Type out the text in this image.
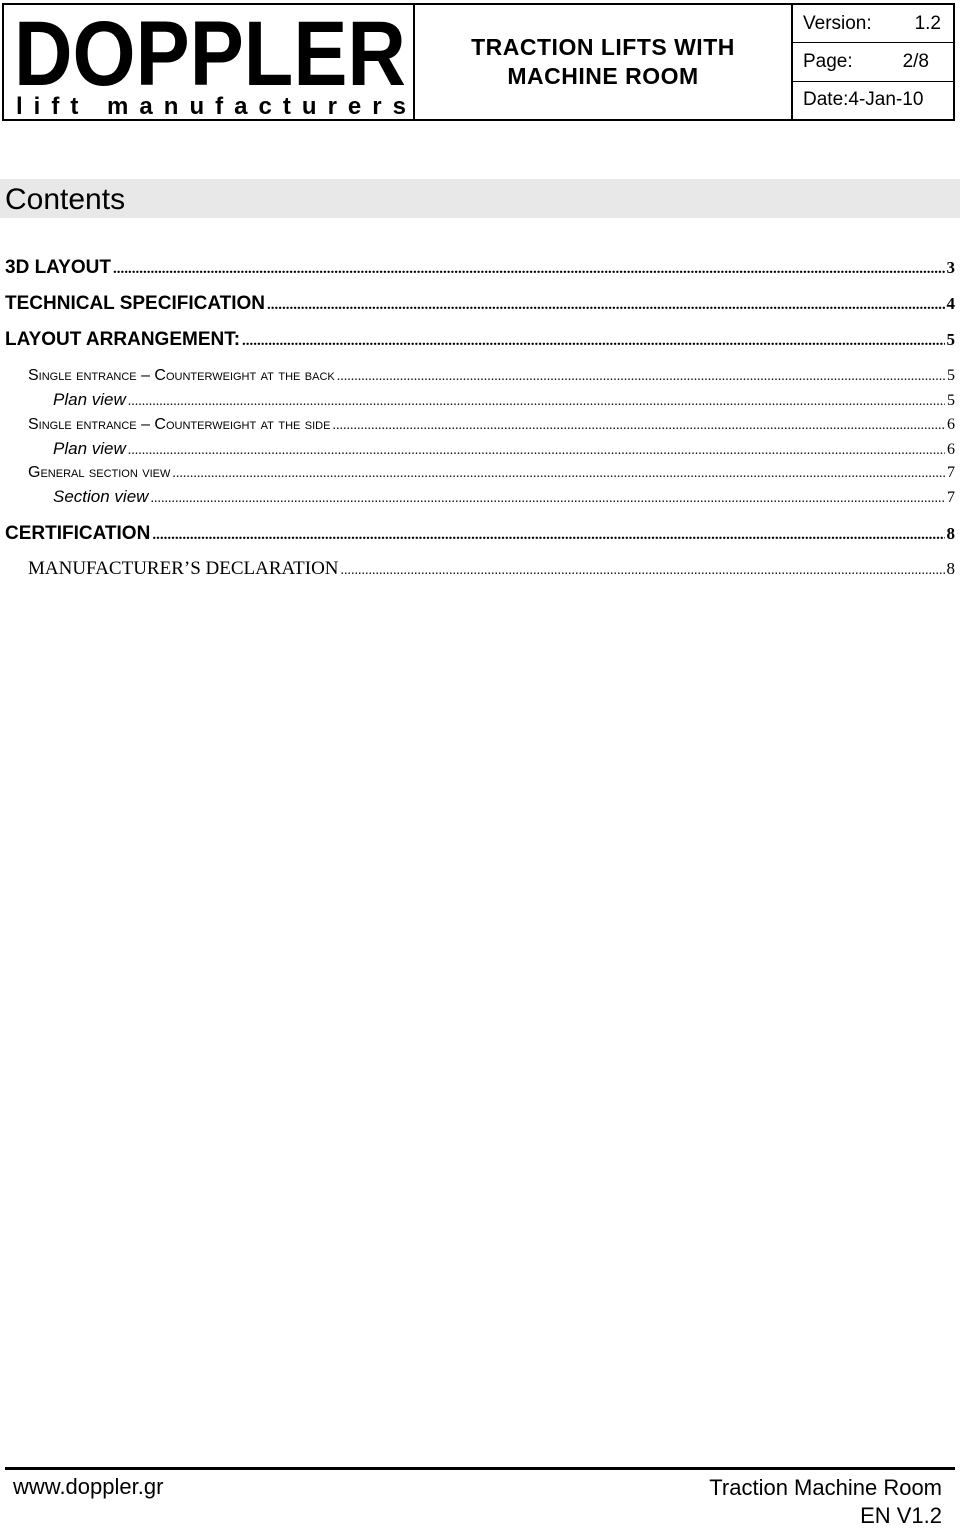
DOPPLER
lift manufacturers
TRACTION LIFTS WITH
MACHINE ROOM
Version:	1.2
Page:	2/8
Date:4-Jan-10
Contents
3D LAYOUT .....	3
TECHNICAL SPECIFICATION .....	4
LAYOUT ARRANGEMENT: .....	5
Single entrance – Counterweight at the back .....	5
Plan view .....	5
Single entrance – Counterweight at the side .....	6
Plan view .....	6
General section view .....	7
Section view .....	7
CERTIFICATION .....	8
MANUFACTURER’S DECLARATION .....	8
www.doppler.gr	Traction Machine Room
EN V1.2
